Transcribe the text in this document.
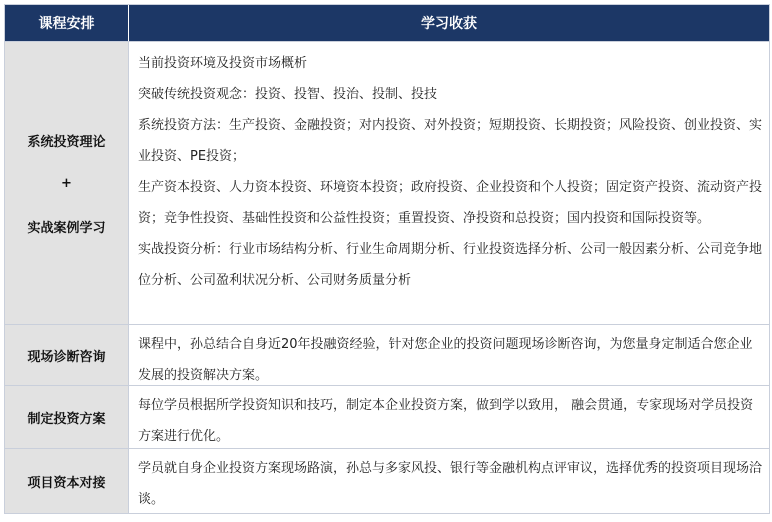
课程安排	学习收获
系统投资理论
+
实战案例学习

当前投资环境及投资市场概析

突破传统投资观念：投资、投智、投治、投制、投技

系统投资方法：生产投资、金融投资；对内投资、对外投资；短期投资、长期投资；风险投资、创业投资、实业投资、PE投资；

生产资本投资、人力资本投资、环境资本投资；政府投资、企业投资和个人投资；固定资产投资、流动资产投资；竞争性投资、基础性投资和公益性投资；重置投资、净投资和总投资；国内投资和国际投资等。

实战投资分析：行业市场结构分析、行业生命周期分析、行业投资选择分析、公司一般因素分析、公司竞争地位分析、公司盈利状况分析、公司财务质量分析

现场诊断咨询
课程中，孙总结合自身近20年投融资经验，针对您企业的投资问题现场诊断咨询，为您量身定制适合您企业发展的投资解决方案。
制定投资方案
每位学员根据所学投资知识和技巧，制定本企业投资方案，做到学以致用， 融会贯通，专家现场对学员投资方案进行优化。
项目资本对接
学员就自身企业投资方案现场路演，孙总与多家风投、银行等金融机构点评审议，选择优秀的投资项目现场洽谈。
